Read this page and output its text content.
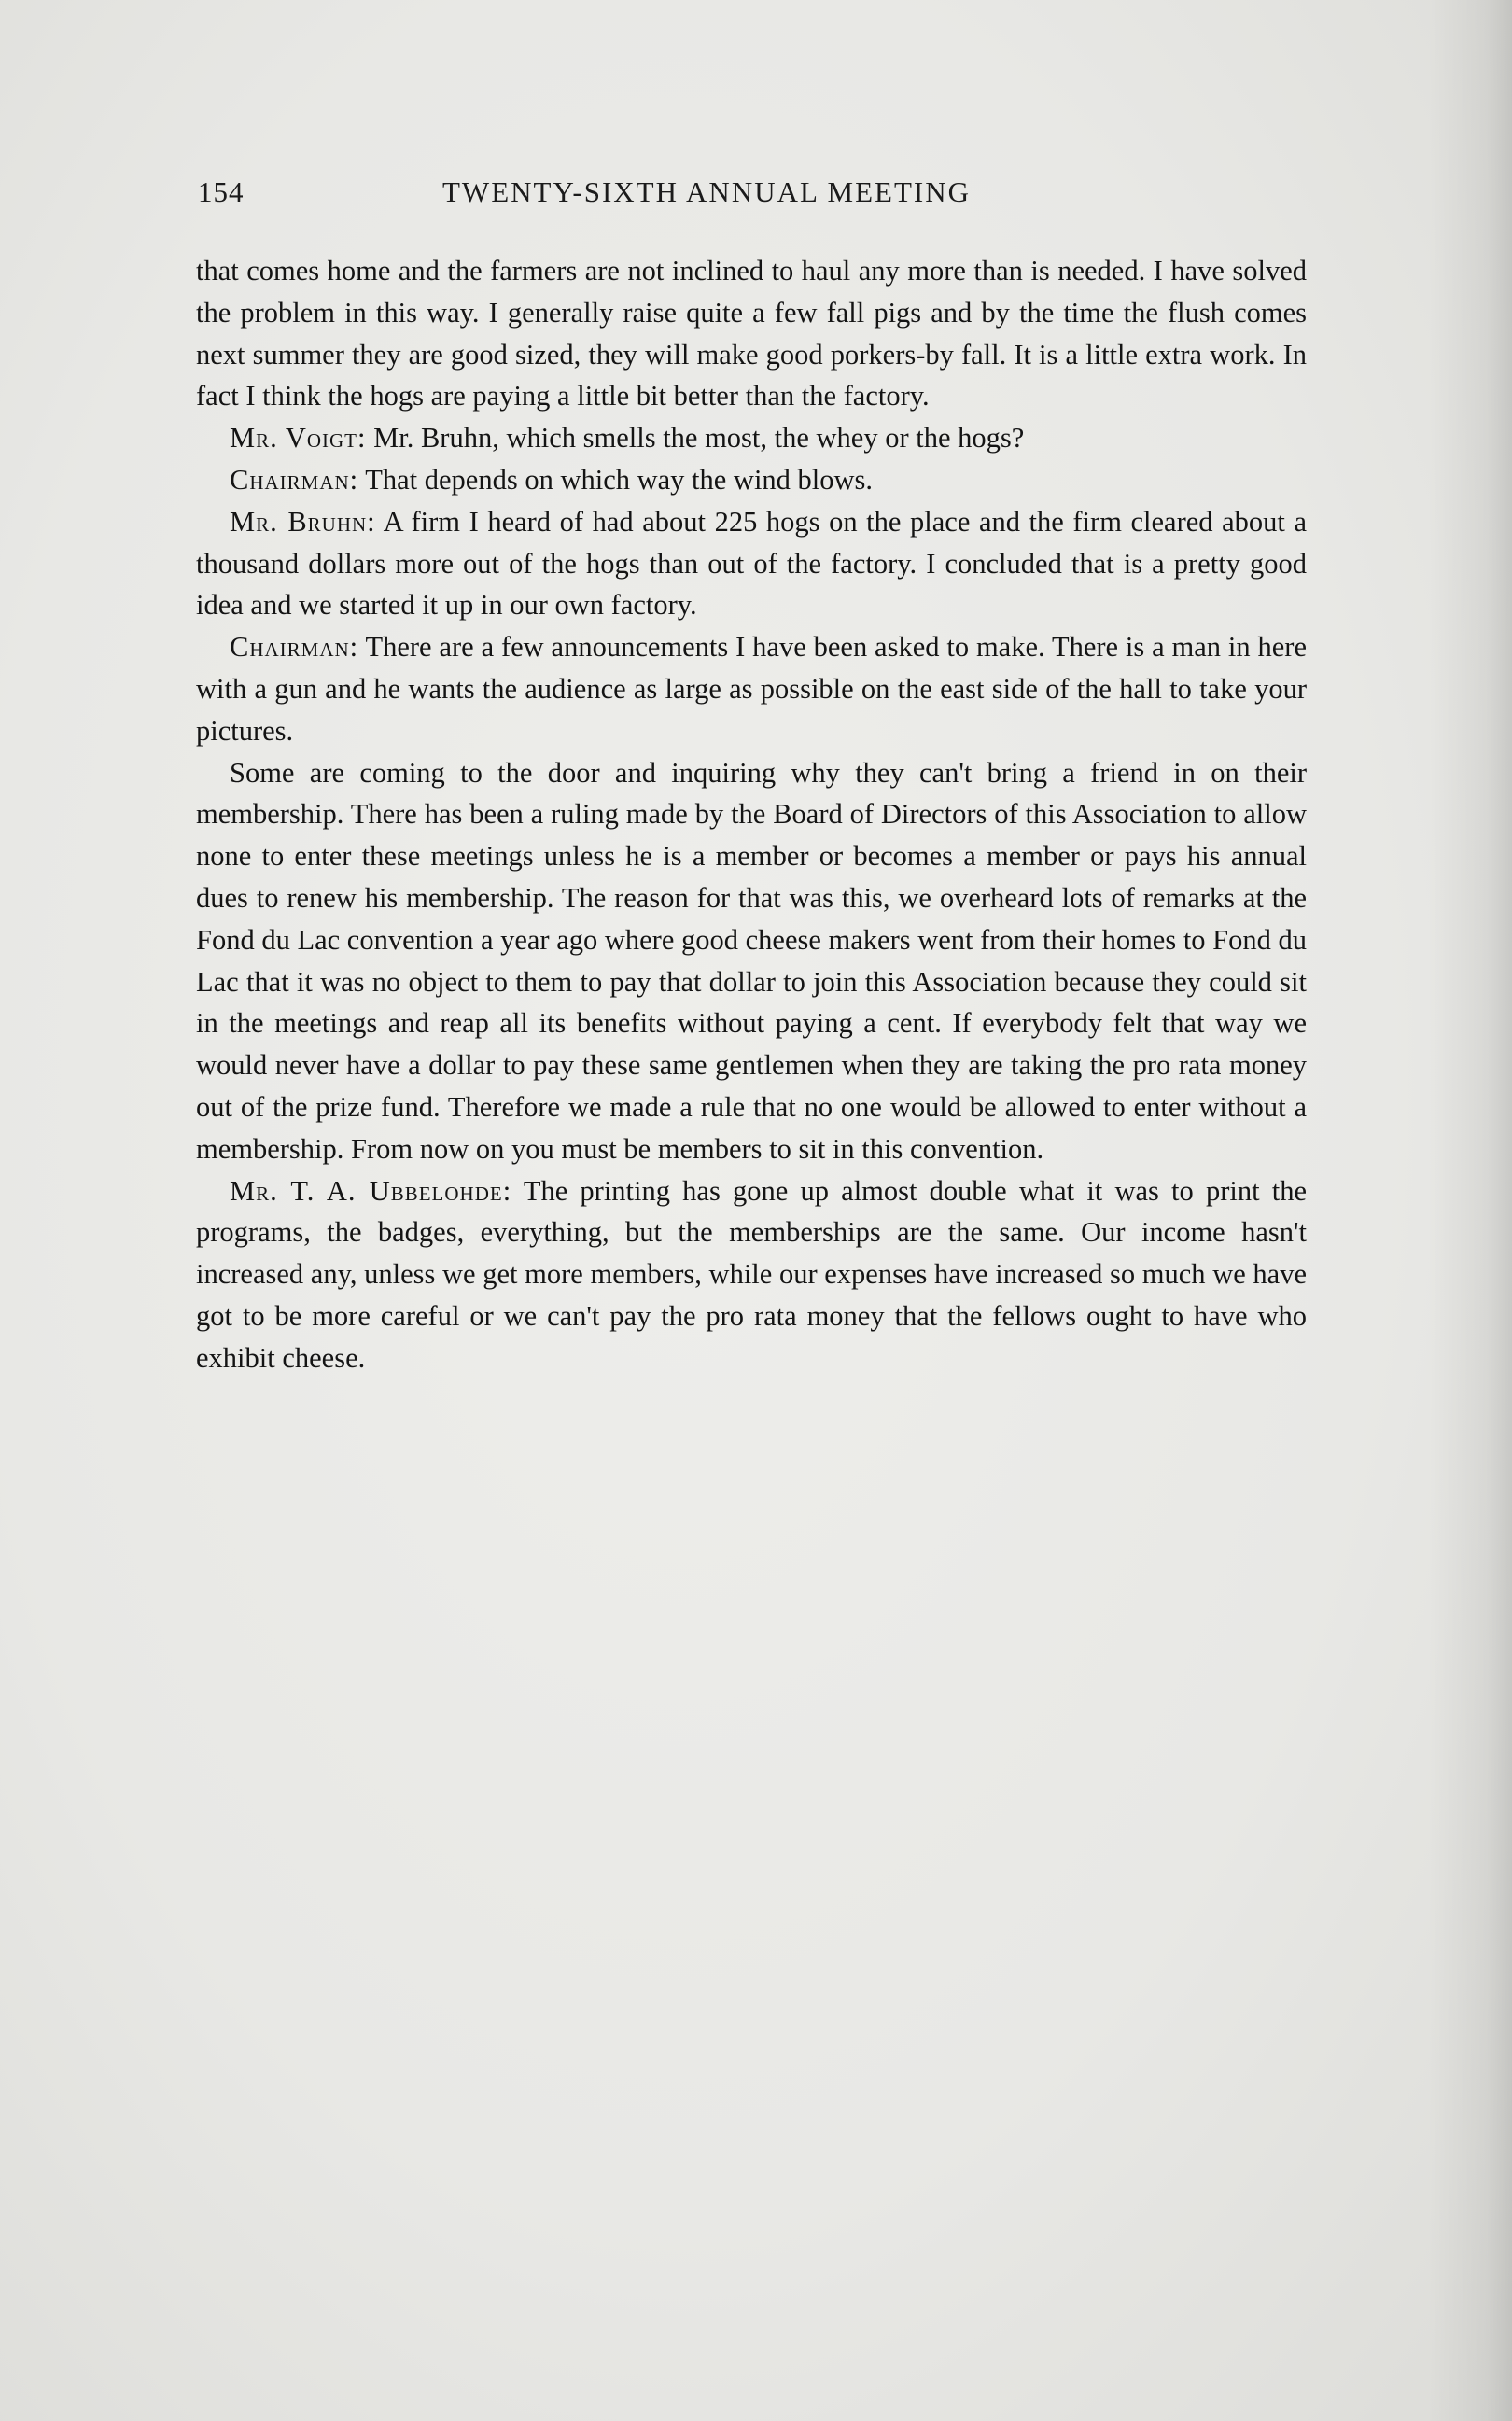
154	TWENTY-SIXTH ANNUAL MEETING

that comes home and the farmers are not inclined to haul any more than is needed. I have solved the problem in this way. I generally raise quite a few fall pigs and by the time the flush comes next summer they are good sized, they will make good porkers-by fall. It is a little extra work. In fact I think the hogs are paying a little bit better than the factory.

Mr. Voigt: Mr. Bruhn, which smells the most, the whey or the hogs?

Chairman: That depends on which way the wind blows.

Mr. Bruhn: A firm I heard of had about 225 hogs on the place and the firm cleared about a thousand dollars more out of the hogs than out of the factory. I concluded that is a pretty good idea and we started it up in our own factory.

Chairman: There are a few announcements I have been asked to make. There is a man in here with a gun and he wants the audience as large as possible on the east side of the hall to take your pictures.

Some are coming to the door and inquiring why they can't bring a friend in on their membership. There has been a ruling made by the Board of Directors of this Association to allow none to enter these meetings unless he is a member or becomes a member or pays his annual dues to renew his membership. The reason for that was this, we overheard lots of remarks at the Fond du Lac convention a year ago where good cheese makers went from their homes to Fond du Lac that it was no object to them to pay that dollar to join this Association because they could sit in the meetings and reap all its benefits without paying a cent. If everybody felt that way we would never have a dollar to pay these same gentlemen when they are taking the pro rata money out of the prize fund. Therefore we made a rule that no one would be allowed to enter without a membership. From now on you must be members to sit in this convention.

Mr. T. A. Ubbelohde: The printing has gone up almost double what it was to print the programs, the badges, everything, but the memberships are the same. Our income hasn't increased any, unless we get more members, while our expenses have increased so much we have got to be more careful or we can't pay the pro rata money that the fellows ought to have who exhibit cheese.
